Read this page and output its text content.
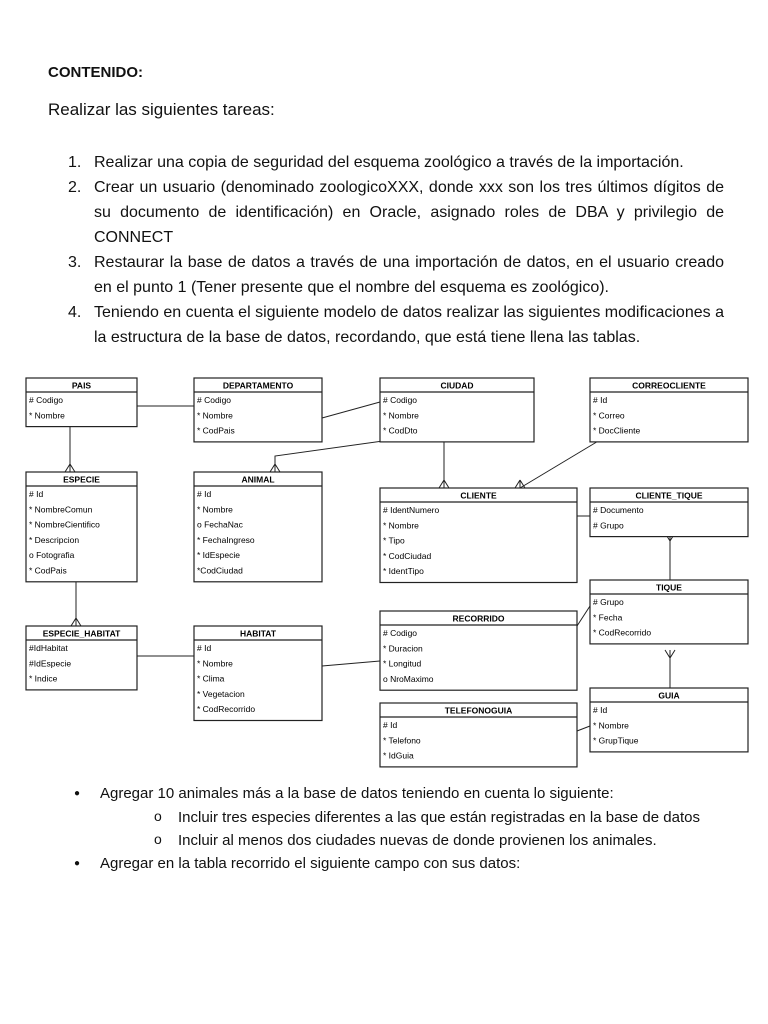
CONTENIDO:
Realizar las siguientes tareas:
1. Realizar una copia de seguridad del esquema zoológico a través de la importación.
2. Crear un usuario (denominado zoologicoXXX, donde xxx son los tres últimos dígitos de su documento de identificación) en Oracle, asignado roles de DBA y privilegio de CONNECT
3. Restaurar la base de datos a través de una importación de datos, en el usuario creado en el punto 1 (Tener presente que el nombre del esquema es zoológico).
4. Teniendo en cuenta el siguiente modelo de datos realizar las siguientes modificaciones a la estructura de la base de datos, recordando, que está tiene llena las tablas.
PAIS
# Codigo
* Nombre
DEPARTAMENTO
# Codigo
* Nombre
* CodPais
CIUDAD
# Codigo
* Nombre
* CodDto
CORREOCLIENTE
# Id
* Correo
* DocCliente
ESPECIE
# Id
* NombreComun
* NombreCientifico
* Descripcion
o Fotografia
* CodPais
ANIMAL
# Id
* Nombre
o FechaNac
* FechaIngreso
* IdEspecie
*CodCiudad
CLIENTE
# IdentNumero
* Nombre
* Tipo
* CodCiudad
* IdentTipo
CLIENTE_TIQUE
# Documento
# Grupo
TIQUE
# Grupo
* Fecha
* CodRecorrido
ESPECIE_HABITAT
#IdHabitat
#IdEspecie
* Indice
HABITAT
# Id
* Nombre
* Clima
* Vegetacion
* CodRecorrido
RECORRIDO
# Codigo
* Duracion
* Longitud
o NroMaximo
TELEFONOGUIA
# Id
* Telefono
* IdGuia
GUIA
# Id
* Nombre
* GrupTique
● Agregar 10 animales más a la base de datos teniendo en cuenta lo siguiente:
o Incluir tres especies diferentes a las que están registradas en la base de datos
o Incluir al menos dos ciudades nuevas de donde provienen los animales.
● Agregar en la tabla recorrido el siguiente campo con sus datos:
